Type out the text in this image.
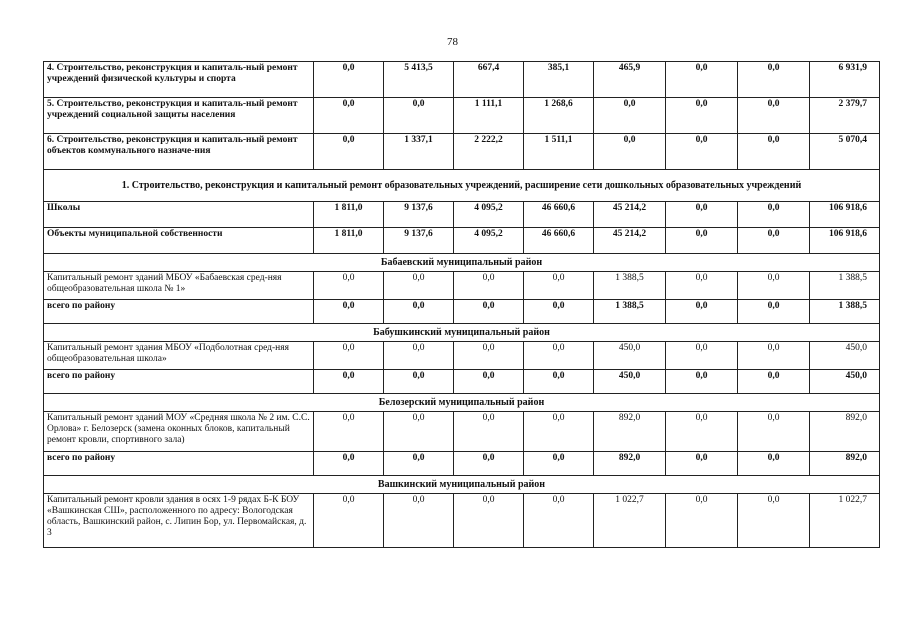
78
4. Строительство, реконструкция и капиталь-ный ремонт учреждений физической культуры и спорта	0,0	5 413,5	667,4	385,1	465,9	0,0	0,0	6 931,9
5. Строительство, реконструкция и капиталь-ный ремонт учреждений социальной защиты населения	0,0	0,0	1 111,1	1 268,6	0,0	0,0	0,0	2 379,7
6. Строительство, реконструкция и капиталь-ный ремонт объектов коммунального назначе-ния	0,0	1 337,1	2 222,2	1 511,1	0,0	0,0	0,0	5 070,4
1. Строительство, реконструкция и капитальный ремонт образовательных учреждений, расширение сети дошкольных образовательных учреждений								
Школы	1 811,0	9 137,6	4 095,2	46 660,6	45 214,2	0,0	0,0	106 918,6
Объекты муниципальной собственности	1 811,0	9 137,6	4 095,2	46 660,6	45 214,2	0,0	0,0	106 918,6
Бабаевский муниципальный район								
Капитальный ремонт зданий МБОУ «Бабаевская сред-няя общеобразовательная школа № 1»	0,0	0,0	0,0	0,0	1 388,5	0,0	0,0	1 388,5
всего по району	0,0	0,0	0,0	0,0	1 388,5	0,0	0,0	1 388,5
Бабушкинский муниципальный район								
Капитальный ремонт здания МБОУ «Подболотная сред-няя общеобразовательная школа»	0,0	0,0	0,0	0,0	450,0	0,0	0,0	450,0
всего по району	0,0	0,0	0,0	0,0	450,0	0,0	0,0	450,0
Белозерский муниципальный район								
Капитальный ремонт зданий МОУ «Средняя школа № 2 им. С.С. Орлова» г. Белозерск (замена оконных блоков, капитальный ремонт кровли, спортивного зала)	0,0	0,0	0,0	0,0	892,0	0,0	0,0	892,0
всего по району	0,0	0,0	0,0	0,0	892,0	0,0	0,0	892,0
Вашкинский муниципальный район								
Капитальный ремонт кровли здания в осях 1-9 рядах Б-К БОУ «Вашкинская СШ», расположенного по адресу: Вологодская область, Вашкинский район, с. Липин Бор, ул. Первомайская, д. 3	0,0	0,0	0,0	0,0	1 022,7	0,0	0,0	1 022,7
